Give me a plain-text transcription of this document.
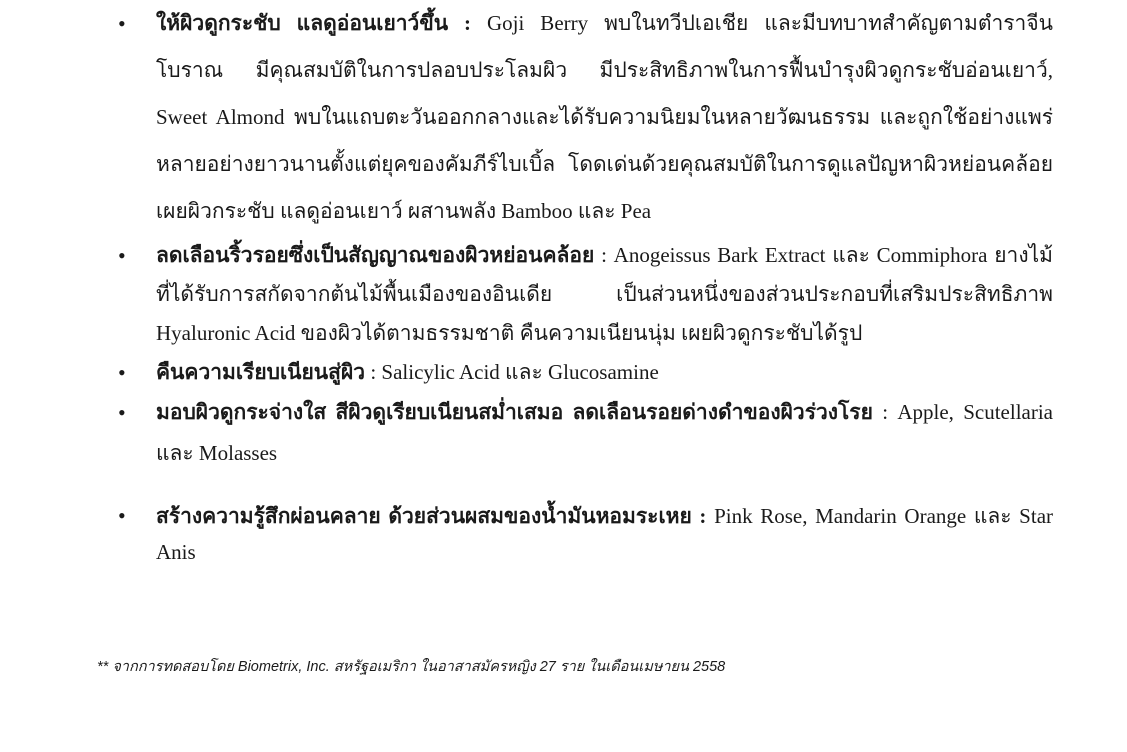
• ให้ผิวดูกระชับ แลดูอ่อนเยาว์ขึ้น : Goji Berry พบในทวีปเอเชีย และมีบทบาทสำคัญตามตำราจีนโบราณ มีคุณสมบัติในการปลอบประโลมผิว มีประสิทธิภาพในการฟื้นบำรุงผิวดูกระชับอ่อนเยาว์, Sweet Almond พบในแถบตะวันออกกลางและได้รับความนิยมในหลายวัฒนธรรม และถูกใช้อย่างแพร่หลายอย่างยาวนานตั้งแต่ยุคของคัมภีร์ไบเบิ้ล โดดเด่นด้วยคุณสมบัติในการดูแลปัญหาผิวหย่อนคล้อย เผยผิวกระชับ แลดูอ่อนเยาว์ ผสานพลัง Bamboo และ Pea
• ลดเลือนริ้วรอยซึ่งเป็นสัญญาณของผิวหย่อนคล้อย : Anogeissus Bark Extract และ Commiphora ยางไม้ที่ได้รับการสกัดจากต้นไม้พื้นเมืองของอินเดีย เป็นส่วนหนึ่งของส่วนประกอบที่เสริมประสิทธิภาพ Hyaluronic Acid ของผิวได้ตามธรรมชาติ คืนความเนียนนุ่ม เผยผิวดูกระชับได้รูป
• คืนความเรียบเนียนสู่ผิว : Salicylic Acid และ Glucosamine
• มอบผิวดูกระจ่างใส สีผิวดูเรียบเนียนสม่ำเสมอ ลดเลือนรอยด่างดำของผิวร่วงโรย : Apple, Scutellaria และ Molasses
• สร้างความรู้สึกผ่อนคลาย ด้วยส่วนผสมของน้ำมันหอมระเหย : Pink Rose, Mandarin Orange และ Star Anis
** จากการทดสอบโดย Biometrix, Inc. สหรัฐอเมริกา ในอาสาสมัครหญิง 27 ราย ในเดือนเมษายน 2558
